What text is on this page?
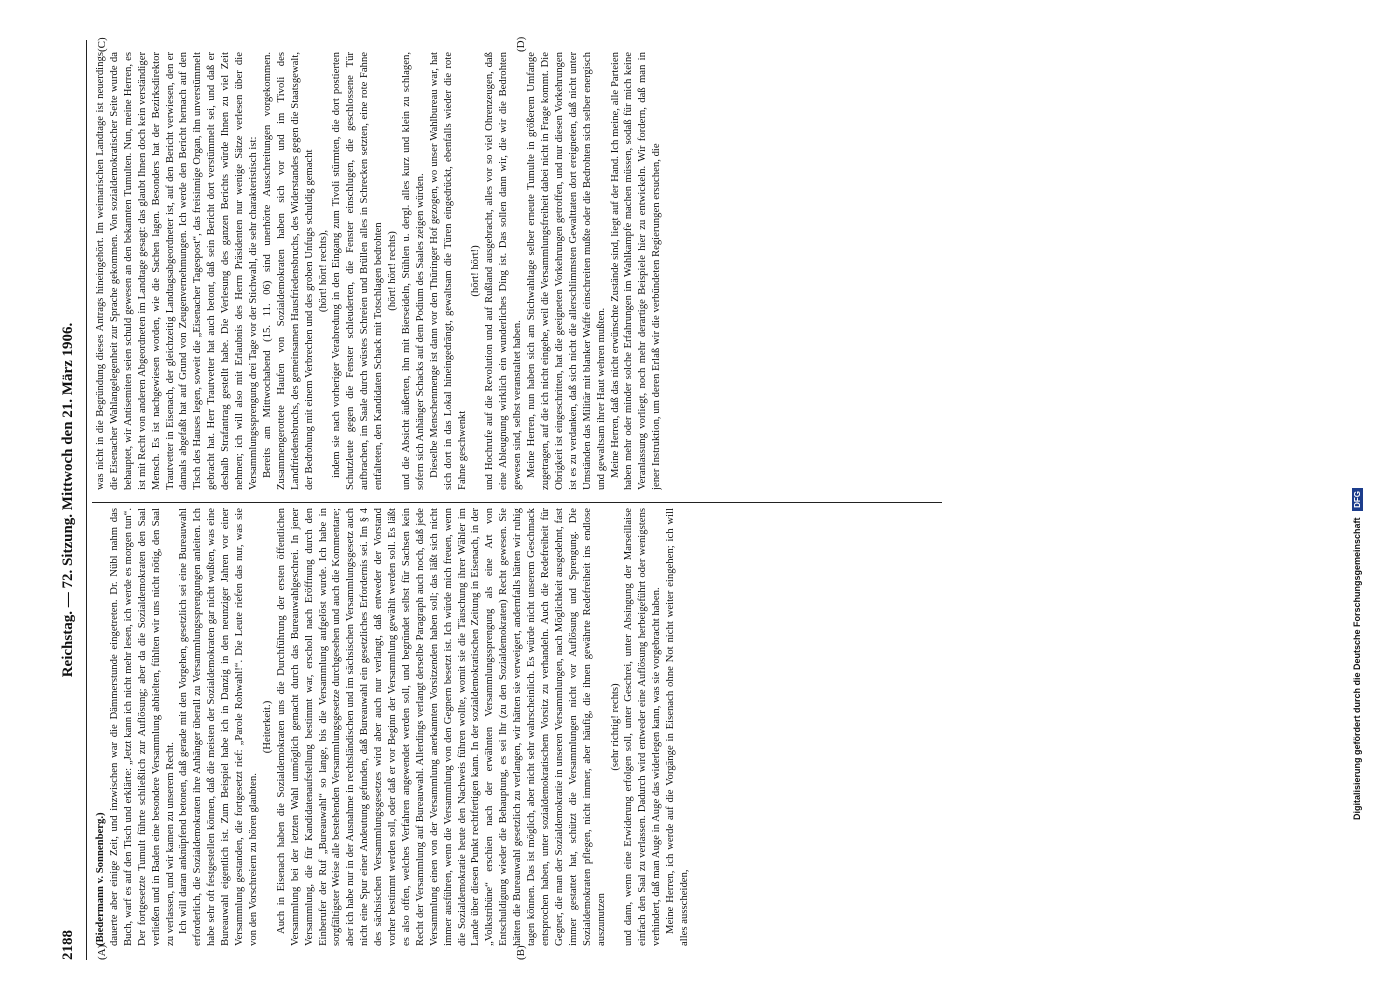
2188
Reichstag. — 72. Sitzung. Mittwoch den 21. März 1906.
(A)	(B)
(C)	(D)

(Biedermann v. Sonnenberg.) dauerte aber einige Zeit, und inzwischen war die Dämmerstunde eingetreten. Dr. Nübl nahm das Buch, warf es auf den Tisch und erklärte: „Jetzt kann ich nicht mehr lesen, ich werde es morgen tun“. Der fortgesetzte Tumult führte schließlich zur Auflösung; aber da die Sozialdemokraten den Saal verließen und in Baden eine besondere Versammlung abhielten, fühlten wir uns nicht nötig, den Saal zu verlassen, und wir kamen zu unserem Recht. Ich will daran anknüpfend betonen, daß gerade mit den Vorgehen, gesetzlich sei eine Bureauwahl erforderlich, die Sozialdemokraten ihre Anhänger überall zu Versammlungssprengungen anleiten. Ich habe sehr oft festgestellen können, daß die meisten der Sozialdemokraten gar nicht wußten, was eine Bureauwahl eigentlich ist. Zum Beispiel habe ich in Danzig in den neunziger Jahren vor einer Versammlung gestanden, die fortgesetzt rief: „Parole Rohwahl!“. Die Leute riefen das nur, was sie von den Vorschreiern zu hören glaubten.

(Heiterkeit.) Auch in Eisenach haben die Sozialdemokraten uns die Durchführung der ersten öffentlichen Versammlung bei der letzten Wahl unmöglich gemacht durch das Bureauwahlgeschrei. In jener Versammlung, die für Kandidatenaufstellung bestimmt war, erscholl nach Eröffnung durch den Einberufer der Ruf „Bureauwahl“ so lange, bis die Versammlung aufgelöst wurde. Ich habe in sorgfältigster Weise alle bestehenden Versammlungsgesetze durchgesehen und auch die Kommentare; aber ich habe nur in der Ausnahme in rechtsländischen und im sächsischen Versammlungsgesetz auch nicht eine Spur einer Andeutung gefunden, daß Bureauwahl ein gesetzliches Erfordernis sei. Im § 4 des sächsischen Versammlungsgesetzes wird aber auch nur verlangt, daß entweder der Vorstand vorher bestimmt werden soll, oder daß er vor Beginn der Versammlung gewählt werden soll. Es läßt es also offen, welches Verfahren angewendet werden soll, und begründet selbst für Sachsen kein Recht der Versammlung auf Bureauwahl. Allerdings verlangt derselbe Paragraph auch noch, daß jede Versammlung einen von der Versammlung anerkannten Vorsitzenden haben soll; das läßt sich nicht immer ausführen, wenn die Versammlung von den Gegnern besetzt ist. Ich würde mich freuen, wenn die Sozialdemokratie heute den Nachweis führen wollte, womit sie die Täuschung ihrer Wähler im Lande über diesen Punkt rechtfertigen kann. In der sozialdemokratischen Zeitung in Eisenach, in der „Volkstribüne“ erschien nach der erwähnten Versammlungssprengung als eine Art von Entschuldigung wieder die Behauptung, es sei Ihr (zu den Sozialdemokraten) Recht gewesen. Sie hätten die Bureauwahl gesetzlich zu verlangen, wir hätten sie verweigert, andernfalls hätten wir ruhig tagen können. Das ist möglich, aber nicht sehr wahrscheinlich. Es würde nicht unserem Geschmack entsprochen haben, unter sozialdemokratischem Vorsitz zu verhandeln. Auch die Redefreiheit für Gegner, die man der Sozialdemokratie in unseren Versammlungen, nach Möglichkeit ausgedehnt, fast immer gestattet hat, schützt die Versammlungen nicht vor Auflösung und Sprengung. Die Sozialdemokraten pflegen, nicht immer, aber häufig, die ihnen gewährte Redefreiheit ins endlose auszunutzen

(sehr richtig! rechts) und dann, wenn eine Erwiderung erfolgen soll, unter Geschrei, unter Absingung der Marseillaise einfach den Saal zu verlassen. Dadurch wird entweder eine Auflösung herbeigeführt oder wenigstens verhindert, daß man Auge in Auge das widerlegen kann, was sie vorgebracht haben. Meine Herren, ich werde auf die Vorgänge in Eisenach ohne Not nicht weiter eingehen; ich will alles ausscheiden,

was nicht in die Begründung dieses Antrags hineingehört. Im weimarischen Landtage ist neuerdings die Eisenacher Wahlangelegenheit zur Sprache gekommen. Von sozialdemokratischer Seite wurde da behauptet, wir Antisemiten seien schuld gewesen an den bekannten Tumulten. Nun, meine Herren, es ist mit Recht von anderen Abgeordneten im Landtage gesagt: das glaubt Ihnen doch kein verständiger Mensch. Es ist nachgewiesen worden, wie die Sachen lagen. Besonders hat der Bezirksdirektor Trautvetter in Eisenach, der gleichzeitig Landtagsabgeordneter ist, auf den Bericht verwiesen, den er damals abgefaßt hat auf Grund von Zeugenvernehmungen. Ich werde den Bericht hernach auf den Tisch des Hauses legen, soweit die „Eisenacher Tagespost“, das freisinnige Organ, ihn unverstümmelt gebracht hat. Herr Trautvetter hat auch betont, daß sein Bericht dort verstümmelt sei, und daß er deshalb Strafantrag gestellt habe. Die Verlesung des ganzen Berichts würde Ihnen zu viel Zeit nehmen; ich will also mit Erlaubnis des Herrn Präsidenten nur wenige Sätze verlesen über die Versammlungssprengung drei Tage vor der Stichwahl, die sehr charakteristisch ist: Bereits am Mittwochabend (15. 11. 06) sind unerhörte Ausschreitungen vorgekommen. Zusammengerottete Haufen von Sozialdemokraten haben sich vor und im Tivoli des Landfriedensbruchs, des gemeinsamen Hausfriedensbruchs, des Widerstandes gegen die Staatsgewalt, der Bedrohung mit einem Verbrechen und des groben Unfugs schuldig gemacht (hört! hört! rechts), indem sie nach vorheriger Verabredung in den Eingang zum Tivoli stürmten, die dort postierten Schutzleute gegen die Fenster schleuderten, die Fenster einschlugen, die geschlossene Tür aufbrachen, im Saale durch wüstes Schreien und Brüllen alles in Schrecken setzten, eine rote Fahne entfalteten, den Kandidaten Schack mit Totschlagen bedrohten (hört! hört! rechts) und die Absicht äußerten, ihn mit Bierseideln, Stühlen u. dergl. alles kurz und klein zu schlagen, sofern sich Anhänger Schacks auf dem Podium des Saales zeigen würden. Dieselbe Menschenmenge ist dann vor den Thüringer Hof gezogen, wo unser Wahlbureau war, hat sich dort in das Lokal hineingedrängt, gewaltsam die Türen eingedrückt, ebenfalls wieder die rote Fahne geschwenkt

(hört! hört!) und Hochrufe auf die Revolution und auf Rußland ausgebracht, alles vor so viel Ohrenzeugen, daß eine Ableugnung wirklich ein wunderliches Ding ist. Das sollen dann wir, die wir die Bedrohten gewesen sind, selbst veranstaltet haben. Meine Herren, nun haben sich am Stichwahltage selber erneute Tumulte in größerem Umfange zugetragen, auf die ich nicht eingehe, weil die Versammlungsfreiheit dabei nicht in Frage kommt. Die Obrigkeit ist eingeschritten, hat die geeigneten Vorkehrungen getroffen, und nur diesen Vorkehrungen ist es zu verdanken, daß sich nicht die allerschlimmsten Gewalttaten dort ereigneten, daß nicht unter Umständen das Militär mit blanker Waffe einschreiten mußte oder die Bedrohten sich selber energisch und gewaltsam ihrer Haut wehren mußten. Meine Herren, daß das nicht erwünschte Zustände sind, liegt auf der Hand. Ich meine, alle Parteien haben mehr oder minder solche Erfahrungen im Wahlkampfe machen müssen, sodaß für mich keine Veranlassung vorliegt, noch mehr derartige Beispiele hier zu entwickeln. Wir fordern, daß man in jener Instruktion, um deren Erlaß wir die verbündeten Regierungen ersuchen, die

Digitalisierung gefördert durch die Deutsche Forschungsgemeinschaft DFG
